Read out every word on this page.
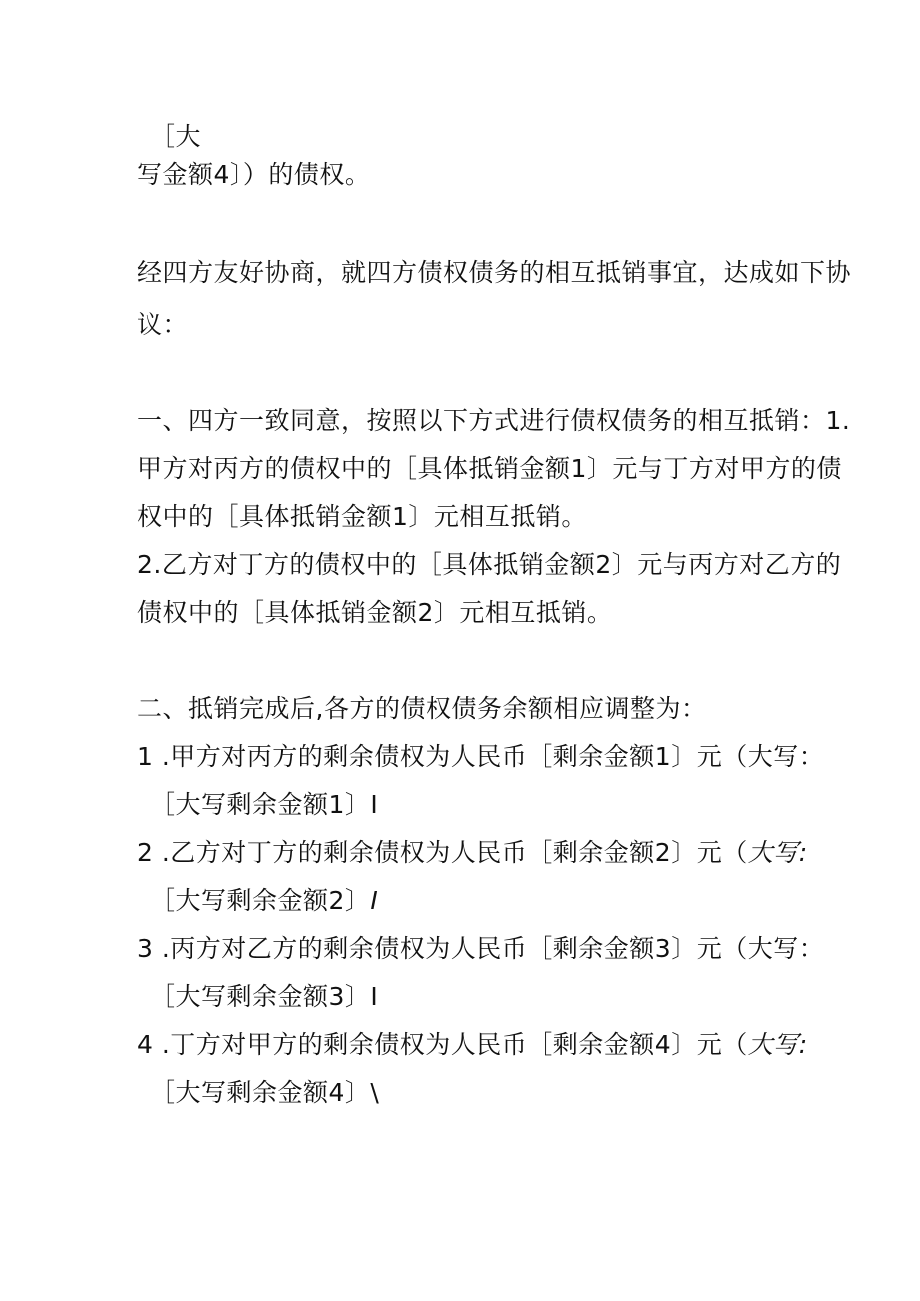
［大
写金额4〕）的债权。
经四方友好协商，就四方债权债务的相互抵销事宜，达成如下协
议：
一、四方一致同意，按照以下方式进行债权债务的相互抵销：1.
甲方对丙方的债权中的［具体抵销金额1〕元与丁方对甲方的债
权中的［具体抵销金额1〕元相互抵销。
2.乙方对丁方的债权中的［具体抵销金额2〕元与丙方对乙方的
债权中的［具体抵销金额2〕元相互抵销。
二、抵销完成后,各方的债权债务余额相应调整为：
1 .甲方对丙方的剩余债权为人民币［剩余金额1〕元（大写：
［大写剩余金额1〕I
2 .乙方对丁方的剩余债权为人民币［剩余金额2〕元（大写:
［大写剩余金额2〕I
3 .丙方对乙方的剩余债权为人民币［剩余金额3〕元（大写：
［大写剩余金额3〕I
4 .丁方对甲方的剩余债权为人民币［剩余金额4〕元（大写:
［大写剩余金额4〕\
